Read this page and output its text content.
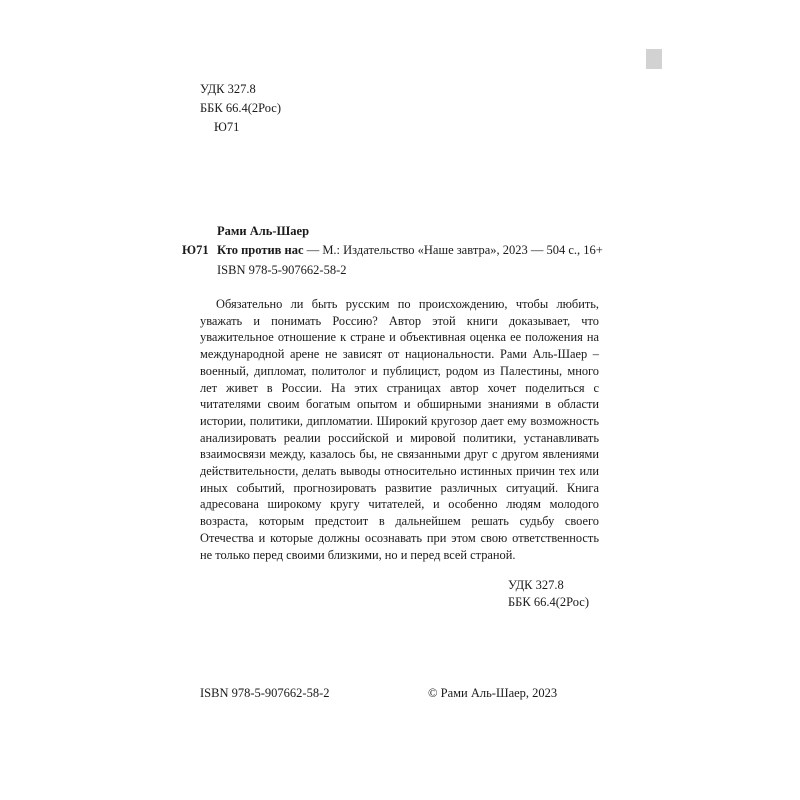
УДК 327.8
ББК 66.4(2Рос)
Ю71
Рами Аль-Шаер
Ю71 Кто против нас — М.: Издательство «Наше завтра», 2023 — 504 с., 16+
ISBN 978-5-907662-58-2

Обязательно ли быть русским по происхождению, чтобы любить, уважать и понимать Россию? Автор этой книги доказывает, что уважительное отношение к стране и объективная оценка ее положения на международной арене не зависят от национальности. Рами Аль-Шаер – военный, дипломат, политолог и публицист, родом из Палестины, много лет живет в России. На этих страницах автор хочет поделиться с читателями своим богатым опытом и обширными знаниями в области истории, политики, дипломатии. Широкий кругозор дает ему возможность анализировать реалии российской и мировой политики, устанавливать взаимосвязи между, казалось бы, не связанными друг с другом явлениями действительности, делать выводы относительно истинных причин тех или иных событий, прогнозировать развитие различных ситуаций. Книга адресована широкому кругу читателей, и особенно людям молодого возраста, которым предстоит в дальнейшем решать судьбу своего Отечества и которые должны осознавать при этом свою ответственность не только перед своими близкими, но и перед всей страной.

УДК 327.8
ББК 66.4(2Рос)
ISBN 978-5-907662-58-2	© Рами Аль-Шаер, 2023
